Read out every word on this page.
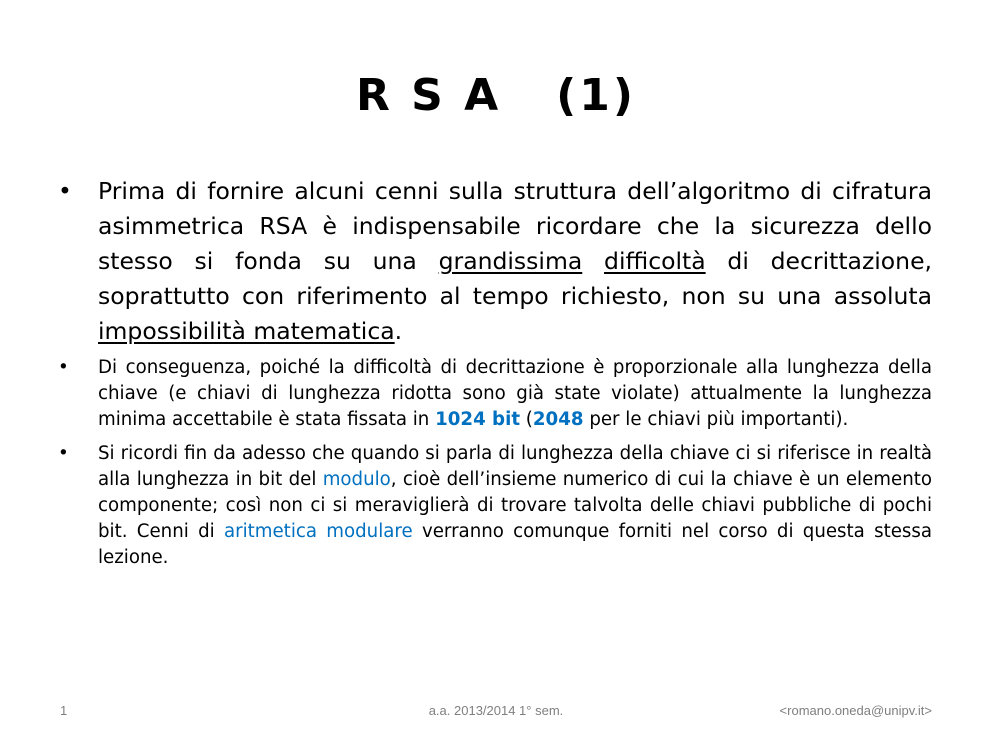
R S A   (1)
• Prima di fornire alcuni cenni sulla struttura dell’algoritmo di cifratura asimmetrica RSA è indispensabile ricordare che la sicurezza dello stesso si fonda su una grandissima difficoltà di decrittazione, soprattutto con riferimento al tempo richiesto, non su una assoluta impossibilità matematica.
• Di conseguenza, poiché la difficoltà di decrittazione è proporzionale alla lunghezza della chiave (e chiavi di lunghezza ridotta sono già state violate) attualmente la lunghezza minima accettabile è stata fissata in 1024 bit (2048 per le chiavi più importanti).
• Si ricordi fin da adesso che quando si parla di lunghezza della chiave ci si riferisce in realtà alla lunghezza in bit del modulo, cioè dell’insieme numerico di cui la chiave è un elemento componente; così non ci si meraviglierà di trovare talvolta delle chiavi pubbliche di pochi bit. Cenni di aritmetica modulare verranno comunque forniti nel corso di questa stessa lezione.
1	a.a. 2013/2014 1° sem.	<romano.oneda@unipv.it>
